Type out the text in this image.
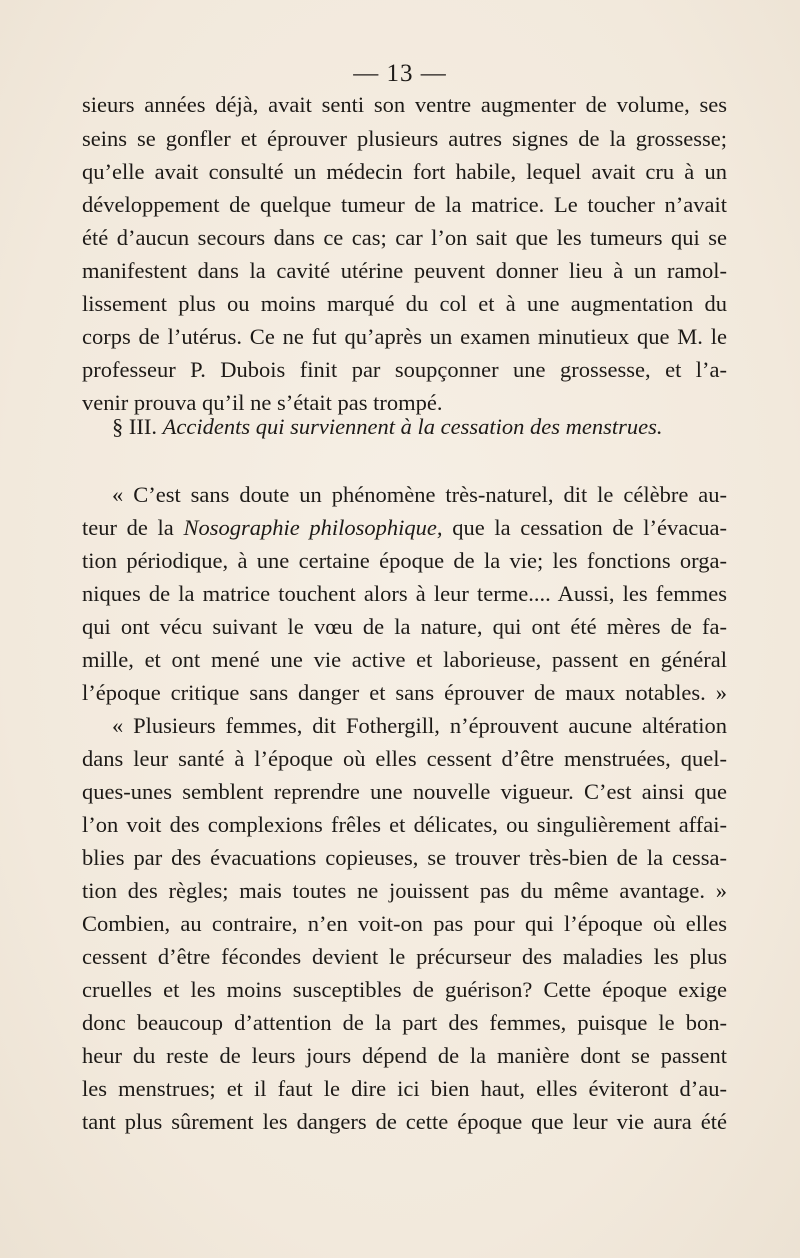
— 13 —
sieurs années déjà, avait senti son ventre augmenter de volume, ses
seins se gonfler et éprouver plusieurs autres signes de la grossesse;
qu’elle avait consulté un médecin fort habile, lequel avait cru à un
développement de quelque tumeur de la matrice. Le toucher n’avait
été d’aucun secours dans ce cas; car l’on sait que les tumeurs qui se
manifestent dans la cavité utérine peuvent donner lieu à un ramol-
lissement plus ou moins marqué du col et à une augmentation du
corps de l’utérus. Ce ne fut qu’après un examen minutieux que M. le
professeur P. Dubois finit par soupçonner une grossesse, et l’a-
§ III. Accidents qui surviennent à la cessation des menstrues.
« C’est sans doute un phénomène très-naturel, dit le célèbre au-
teur de la Nosographie philosophique, que la cessation de l’évacua-
tion périodique, à une certaine époque de la vie; les fonctions orga-
niques de la matrice touchent alors à leur terme.... Aussi, les femmes
qui ont vécu suivant le vœu de la nature, qui ont été mères de fa-
mille, et ont mené une vie active et laborieuse, passent en général
l’époque critique sans danger et sans éprouver de maux notables. »
« Plusieurs femmes, dit Fothergill, n’éprouvent aucune altération
dans leur santé à l’époque où elles cessent d’être menstruées, quel-
ques-unes semblent reprendre une nouvelle vigueur. C’est ainsi que
l’on voit des complexions frêles et délicates, ou singulièrement affai-
blies par des évacuations copieuses, se trouver très-bien de la cessa-
tion des règles; mais toutes ne jouissent pas du même avantage. »
Combien, au contraire, n’en voit-on pas pour qui l’époque où elles
cessent d’être fécondes devient le précurseur des maladies les plus
cruelles et les moins susceptibles de guérison? Cette époque exige
donc beaucoup d’attention de la part des femmes, puisque le bon-
heur du reste de leurs jours dépend de la manière dont se passent
les menstrues; et il faut le dire ici bien haut, elles éviteront d’au-
tant plus sûrement les dangers de cette époque que leur vie aura été
venir prouva qu’il ne s’était pas trompé.
